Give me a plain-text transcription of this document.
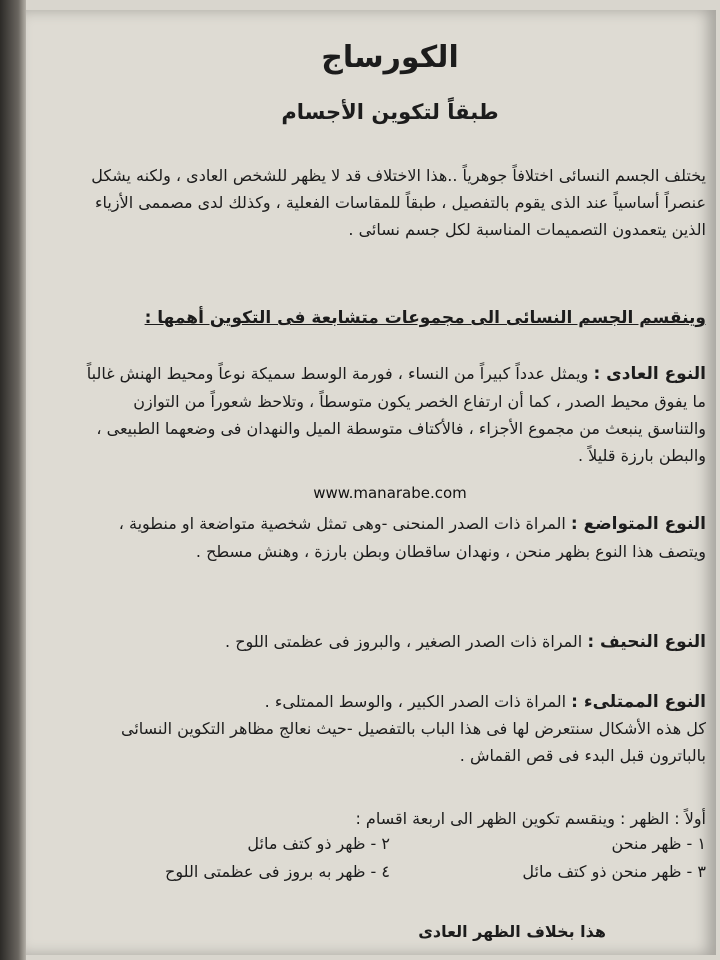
الكورساج
طبقاً لتكوين الأجسام

يختلف الجسم النسائى اختلافاً جوهرياً ..هذا الاختلاف قد لا يظهر للشخص العادى ، ولكنه يشكل عنصراً أساسياً عند الذى يقوم بالتفصيل ، طبقاً للمقاسات الفعلية ، وكذلك لدى مصممى الأزياء الذين يتعمدون التصميمات المناسبة لكل جسم نسائى .

وينقسم الجسم النسائى الى مجموعات متشابعة فى التكوين أهمها :

النوع العادى : ويمثل عدداً كبيراً من النساء ، فورمة الوسط سميكة نوعاً ومحيط الهنش غالباً ما يفوق محيط الصدر ، كما أن ارتفاع الخصر يكون متوسطاً ، وتلاحظ شعوراً من التوازن والتناسق ينبعث من مجموع الأجزاء ، فالأكتاف متوسطة الميل والنهدان فى وضعهما الطبيعى ، والبطن بارزة قليلاً .

www.manarabe.com

النوع المتواضع : المراة ذات الصدر المنحنى -وهى تمثل شخصية متواضعة او منطوية ، ويتصف هذا النوع بظهر منحن ، ونهدان ساقطان وبطن بارزة ، وهنش مسطح .

النوع النحيف : المراة ذات الصدر الصغير ، والبروز فى عظمتى اللوح .

النوع الممتلىء : المراة ذات الصدر الكبير ، والوسط الممتلىء .

كل هذه الأشكال سنتعرض لها فى هذا الباب بالتفصيل -حيث نعالج مظاهر التكوين النسائى بالباترون قبل البدء فى قص القماش .

أولاً : الظهر : وينقسم تكوين الظهر الى اربعة اقسام :

١ - ظهر منحن
٢ - ظهر ذو كتف مائل
٣ - ظهر منحن ذو كتف مائل
٤ - ظهر به بروز فى عظمتى اللوح
هذا بخلاف الظهر العادى
